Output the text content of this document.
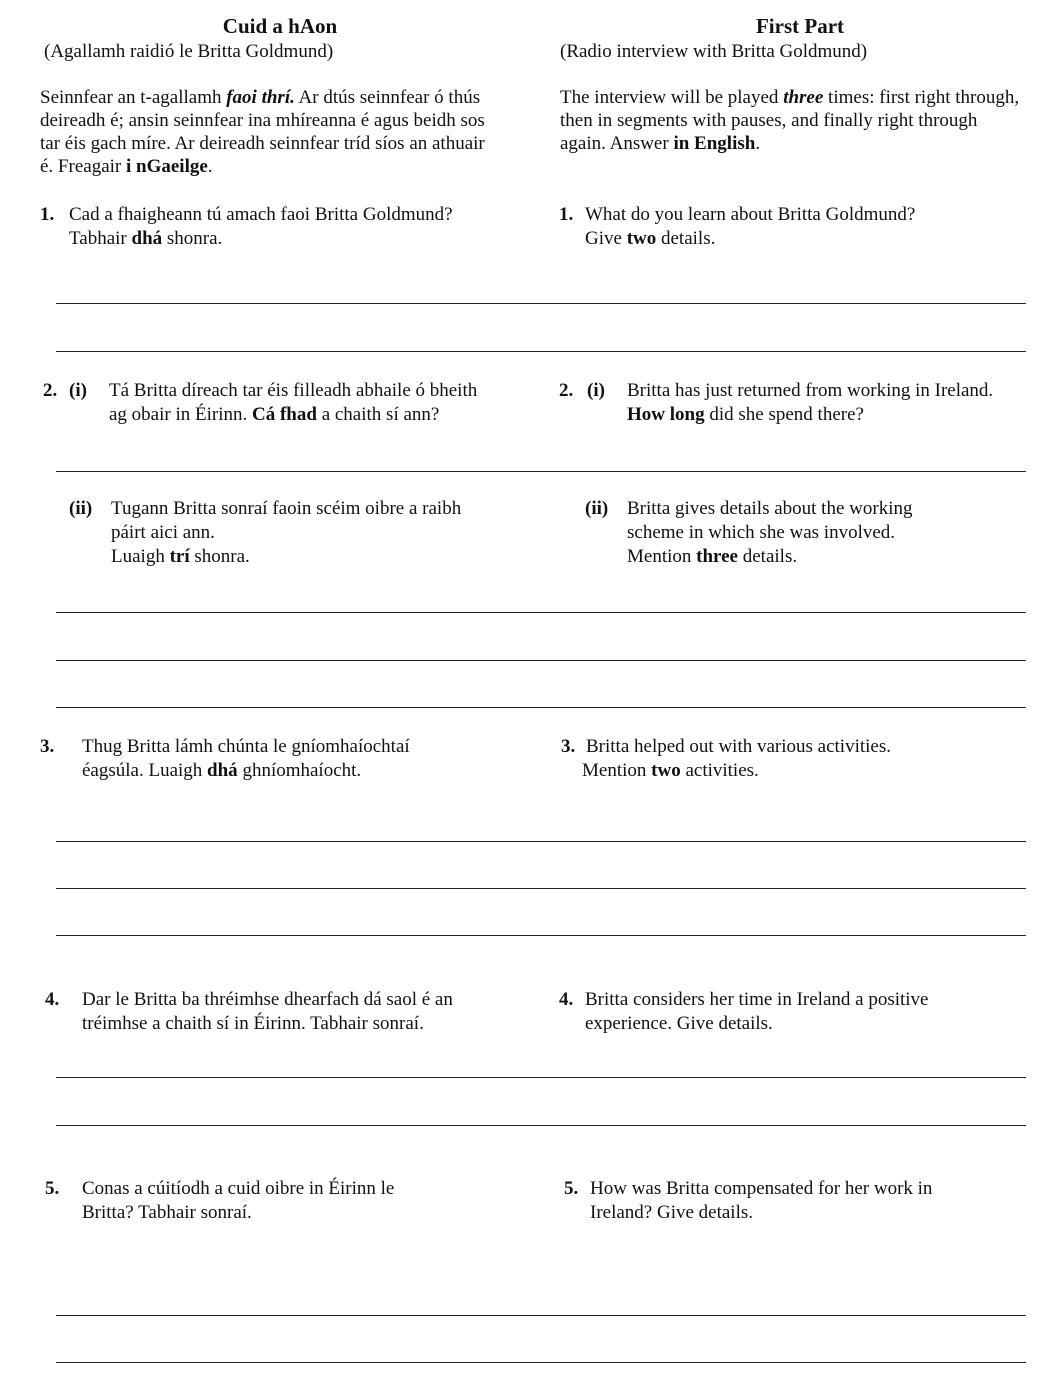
Cuid a hAon
(Agallamh raidió le Britta Goldmund)
First Part
(Radio interview with Britta Goldmund)
Seinnfear an t-agallamh faoi thrí. Ar dtús seinnfear ó thús
deireadh é; ansin seinnfear ina mhíreanna é agus beidh sos
tar éis gach míre. Ar deireadh seinnfear tríd síos an athuair
é. Freagair i nGaeilge.
The interview will be played three times: first right through,
then in segments with pauses, and finally right through
again. Answer in English.
1. Cad a fhaigheann tú amach faoi Britta Goldmund?
Tabhair dhá shonra.
1. What do you learn about Britta Goldmund?
Give two details.
2. (i) Tá Britta díreach tar éis filleadh abhaile ó bheith
ag obair in Éirinn. Cá fhad a chaith sí ann?
2. (i) Britta has just returned from working in Ireland.
How long did she spend there?
(ii) Tugann Britta sonraí faoin scéim oibre a raibh
páirt aici ann.
Luaigh trí shonra.
(ii) Britta gives details about the working
scheme in which she was involved.
Mention three details.
3. Thug Britta lámh chúnta le gníomhaíochtaí
éagsúla. Luaigh dhá ghníomhaíocht.
3. Britta helped out with various activities.
Mention two activities.
4. Dar le Britta ba thréimhse dhearfach dá saol é an
tréimhse a chaith sí in Éirinn. Tabhair sonraí.
4. Britta considers her time in Ireland a positive
experience. Give details.
5. Conas a cúitíodh a cuid oibre in Éirinn le
Britta? Tabhair sonraí.
5. How was Britta compensated for her work in
Ireland? Give details.
